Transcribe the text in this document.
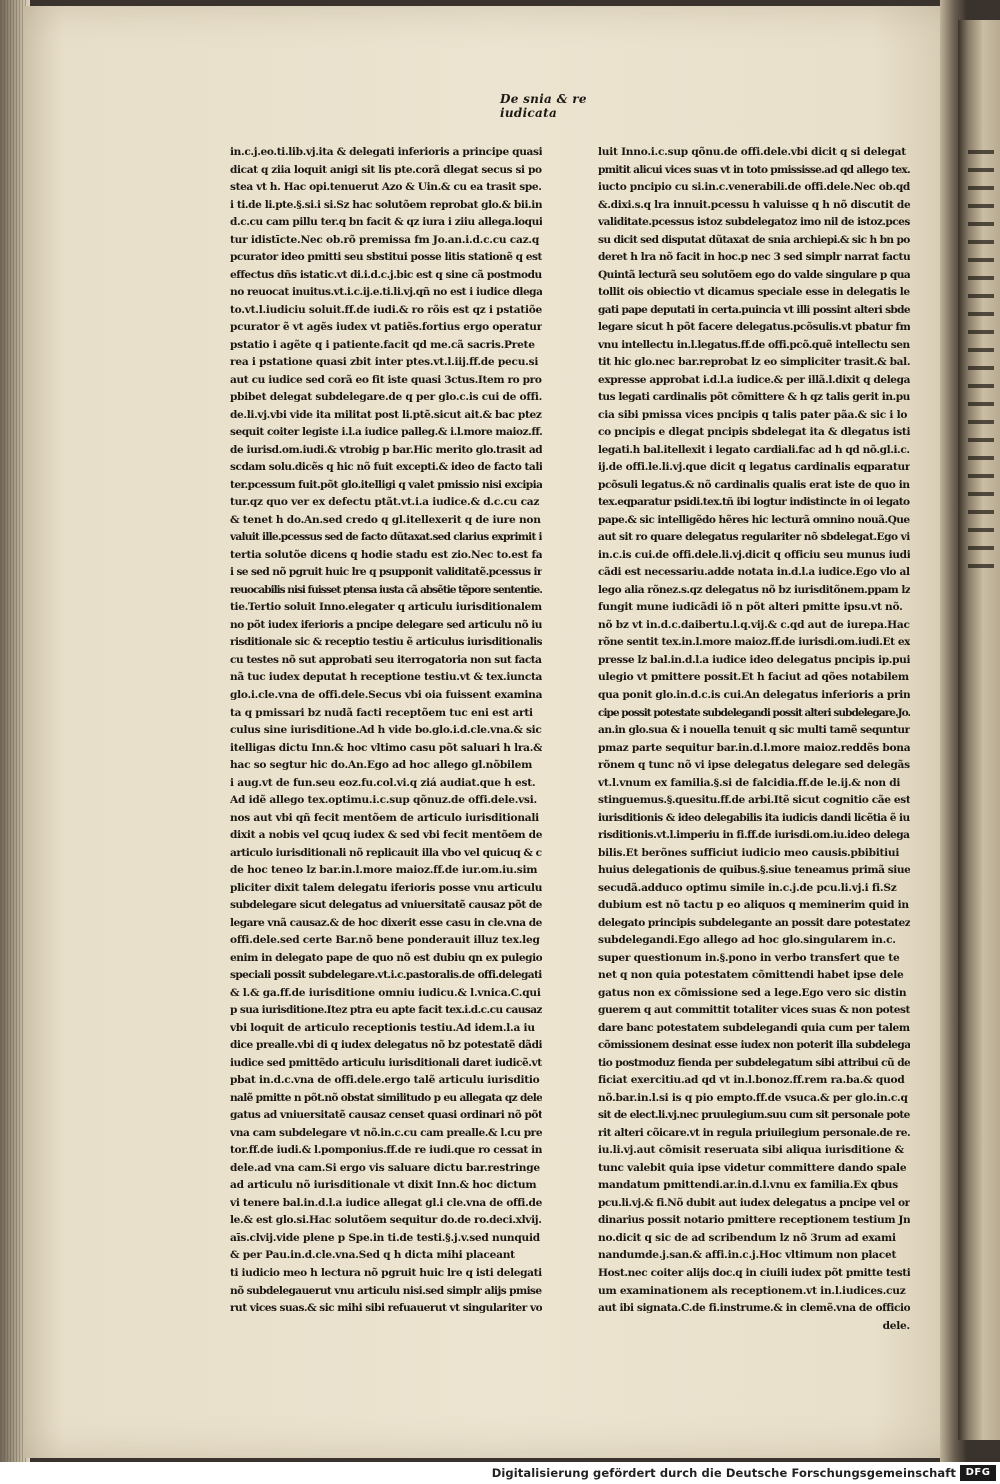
De snia & re iudicata
in.c.j.eo.ti.lib.vj.ita & delegati inferioris a principe quasi
dicat q ziia loquit anigi sit lis pte.corã dlegat secus si po
stea vt h. Hac opi.tenuerut Azo & Uin.& cu ea trasit spe.
i ti.de li.pte.§.si.i si.Sz hac solutõem reprobat glo.& bii.in
d.c.cu cam pillu ter.q bn facit & qz iura i ziiu allega.loqui
tur idistīcte.Nec ob.rõ premissa fm Jo.an.i.d.c.cu caz.q
pcurator ideo pmitti seu sbstitui posse litis stationẽ q est
effectus dñs istatic.vt di.i.d.c.j.bic est q sine cã postmodu
no reuocat inuitus.vt.i.c.ij.e.ti.li.vj.qñ no est i iudice dlega
to.vt.l.iudiciu soluit.ff.de iudi.& ro rõis est qz i pstatiõe
pcurator ẽ vt agẽs iudex vt patiẽs.fortius ergo operatur
pstatio i agẽte q i patiente.facit qd me.cã sacris.Prete
rea i pstatione quasi zbit inter ptes.vt.l.iij.ff.de pecu.si
aut cu iudice sed corã eo fit iste quasi 3ctus.Item ro pro
pbibet delegat subdelegare.de q per glo.c.is cui de offi.
de.li.vj.vbi vide ita militat post li.ptẽ.sicut ait.& bac ptez
sequit coiter legiste i.l.a iudice palleg.& i.l.more maioz.ff.
de iurisd.om.iudi.& vtrobig p bar.Hic merito glo.trasit ad
scdam solu.dicẽs q hic nõ fuit excepti.& ideo de facto tali
ter.pcessum fuit.põt glo.itelligi q valet pmissio nisi excipia
tur.qz quo ver ex defectu ptãt.vt.i.a iudice.& d.c.cu caz
& tenet h do.An.sed credo q gl.itellexerit q de iure non
valuit ille.pcessus sed de facto dũtaxat.sed clarius exprimit i
tertia solutõe dicens q hodie stadu est zio.Nec to.est fa
i se sed nõ pgruit huic lre q psupponit validitatẽ.pcessus ir
reuocabilis nisi fuisset ptensa iusta cã absẽtie tẽpore sententie.
tie.Tertio soluit Inno.elegater q articulu iurisditionalem
no põt iudex iferioris a pncipe delegare sed articulu nõ iu
risditionale sic & receptio testiu ẽ articulus iurisditionalis
cu testes nõ sut approbati seu iterrogatoria non sut facta
nã tuc iudex deputat h receptione testiu.vt & tex.iuncta
glo.i.cle.vna de offi.dele.Secus vbi oia fuissent examina
ta q pmissari bz nudã facti receptõem tuc eni est arti
culus sine iurisditione.Ad h vide bo.glo.i.d.cle.vna.& sic
itelligas dictu Inn.& hoc vltimo casu põt saluari h lra.&
hac so segtur hic do.An.Ego ad hoc allego gl.nõbilem
i aug.vt de fun.seu eoz.fu.col.vi.q ziá audiat.que h est.
Ad idẽ allego tex.optimu.i.c.sup qõnuz.de offi.dele.vsi.
nos aut vbi qñ fecit mentõem de articulo iurisditionali
dixit a nobis vel qcuq iudex & sed vbi fecit mentõem de
articulo iurisditionali nõ replicauit illa vbo vel quicuq & c
de hoc teneo lz bar.in.l.more maioz.ff.de iur.om.iu.sim
pliciter dixit talem delegatu iferioris posse vnu articulu
subdelegare sicut delegatus ad vniuersitatẽ causaz põt de
legare vnã causaz.& de hoc dixerit esse casu in cle.vna de
offi.dele.sed certe Bar.nõ bene ponderauit illuz tex.leg
enim in delegato pape de quo nõ est dubiu qn ex pulegio
speciali possit subdelegare.vt.i.c.pastoralis.de offi.delegati
& l.& ga.ff.de iurisditione omniu iudicu.& l.vnica.C.qui
p sua iurisditione.Itez ptra eu apte facit tex.i.d.c.cu causaz
vbi loquit de articulo receptionis testiu.Ad idem.l.a iu
dice prealle.vbi di q iudex delegatus nõ bz potestatẽ dãdi
iudice sed pmittẽdo articulu iurisditionali daret iudicẽ.vt
pbat in.d.c.vna de offi.dele.ergo talẽ articulu iurisditio
nalẽ pmitte n põt.nõ obstat similitudo p eu allegata qz dele
gatus ad vniuersitatẽ causaz censet quasi ordinari nõ põt
vna cam subdelegare vt nõ.in.c.cu cam prealle.& l.cu pre
tor.ff.de iudi.& l.pomponius.ff.de re iudi.que ro cessat in
dele.ad vna cam.Si ergo vis saluare dictu bar.restringe
ad articulu nõ iurisditionale vt dixit Inn.& hoc dictum
vi tenere bal.in.d.l.a iudice allegat gl.i cle.vna de offi.de
le.& est glo.si.Hac solutõem sequitur do.de ro.deci.xlvij.
aīs.clvij.vide plene p Spe.in ti.de testi.§.j.v.sed nunquid
& per Pau.in.d.cle.vna.Sed q h dicta mihi placeant
ti iudicio meo h lectura nõ pgruit huic lre q isti delegati
nõ subdelegauerut vnu articulu nisi.sed simplr alijs pmise
rut vices suas.& sic mihi sibi refuauerut vt singulariter vo
luit Inno.i.c.sup qõnu.de offi.dele.vbi dicit q si delegat
pmitit alicui vices suas vt in toto pmississe.ad qd allego tex.
iucto pncipio cu si.in.c.venerabili.de offi.dele.Nec ob.qd
&.dixi.s.q lra innuit.pcessu h valuisse q h nõ discutit de
validitate.pcessus istoz subdelegatoz imo nil de istoz.pces
su dicit sed disputat dũtaxat de snia archiepi.& sic h bn po
deret h lra nõ facit in hoc.p nec 3 sed simplr narrat factu
Quintã lecturã seu solutõem ego do valde singulare p qua
tollit ois obiectio vt dicamus speciale esse in delegatis le
gati pape deputati in certa.puincia vt illi possint alteri sbde
legare sicut h põt facere delegatus.pcõsulis.vt pbatur fm
vnu intellectu in.l.legatus.ff.de offi.pcõ.quẽ intellectu sen
tit hic glo.nec bar.reprobat lz eo simpliciter trasit.& bal.
expresse approbat i.d.l.a iudice.& per illã.l.dixit q delega
tus legati cardinalis põt cõmittere & h qz talis gerit in.pu
cia sibi pmissa vices pncipis q talis pater pãa.& sic i lo
co pncipis e dlegat pncipis sbdelegat ita & dlegatus isti
legati.h bal.itellexit i legato cardiali.fac ad h qd nõ.gl.i.c.
ij.de offi.le.li.vj.que dicit q legatus cardinalis eqparatur
pcõsuli legatus.& nõ cardinalis qualis erat iste de quo in
tex.eqparatur psidi.tex.tñ ibi logtur indistincte in oi legato
pape.& sic intelligẽdo hẽres hic lecturã omnino nouã.Que
aut sit ro quare delegatus regulariter nõ sbdelegat.Ego vi
in.c.is cui.de offi.dele.li.vj.dicit q officiu seu munus iudi
cãdi est necessariu.adde notata in.d.l.a iudice.Ego vlo al
lego alia rõnez.s.qz delegatus nõ bz iurisditõnem.ppam lz
fungit mune iudicãdi iõ n põt alteri pmitte ipsu.vt nõ.
nõ bz vt in.d.c.daibertu.l.q.vij.& c.qd aut de iurepa.Hac
rõne sentit tex.in.l.more maioz.ff.de iurisdi.om.iudi.Et ex
presse lz bal.in.d.l.a iudice ideo delegatus pncipis ip.pui
ulegio vt pmittere possit.Et h faciut ad qões notabilem
qua ponit glo.in.d.c.is cui.An delegatus inferioris a prin
cipe possit potestate subdelegandi possit alteri subdelegare.Jo.
an.in glo.sua & i nouella tenuit q sic multi tamẽ sequntur
pmaz parte sequitur bar.in.d.l.more maioz.reddẽs bona
rõnem q tunc nõ vi ipse delegatus delegare sed delegãs
vt.l.vnum ex familia.§.si de falcidia.ff.de le.ij.& non di
stinguemus.§.quesitu.ff.de arbi.Itẽ sicut cognitio cãe est
iurisditionis & ideo delegabilis ita iudicis dandi licẽtia ẽ iu
risditionis.vt.l.imperiu in fi.ff.de iurisdi.om.iu.ideo delega
bilis.Et berõnes sufficiut iudicio meo causis.pbibitiui
huius delegationis de quibus.§.siue teneamus primã siue
secudã.adduco optimu simile in.c.j.de pcu.li.vj.i fi.Sz
dubium est nõ tactu p eo aliquos q meminerim quid in
delegato principis subdelegante an possit dare potestatez
subdelegandi.Ego allego ad hoc glo.singularem in.c.
super questionum in.§.pono in verbo transfert que te
net q non quia potestatem cõmittendi habet ipse dele
gatus non ex cõmissione sed a lege.Ego vero sic distin
guerem q aut committit totaliter vices suas & non potest
dare banc potestatem subdelegandi quia cum per talem
cõmissionem desinat esse iudex non poterit illa subdelega
tio postmoduz fienda per subdelegatum sibi attribui cũ de
ficiat exercitiu.ad qd vt in.l.bonoz.ff.rem ra.ba.& quod
nõ.bar.in.l.si is q pio empto.ff.de vsuca.& per glo.in.c.q
sit de elect.li.vj.nec pruulegium.suu cum sit personale pote
rit alteri cõicare.vt in regula priuilegium personale.de re.
iu.li.vj.aut cõmisit reseruata sibi aliqua iurisditione &
tunc valebit quia ipse videtur committere dando spale
mandatum pmittendi.ar.in.d.l.vnu ex familia.Ex qbus
pcu.li.vj.& fi.Nõ dubit aut iudex delegatus a pncipe vel or
dinarius possit notario pmittere receptionem testium Jn
no.dicit q sic de ad scribendum lz nõ 3rum ad exami
nandumde.j.san.& affi.in.c.j.Hoc vltimum non placet
Host.nec coiter alijs doc.q in ciuili iudex põt pmitte testi
um examinationem als receptionem.vt in.l.iudices.cuz
aut ibi signata.C.de fi.instrume.& in clemẽ.vna de officio
dele.
Digitalisierung gefördert durch die Deutsche Forschungsgemeinschaft DFG
